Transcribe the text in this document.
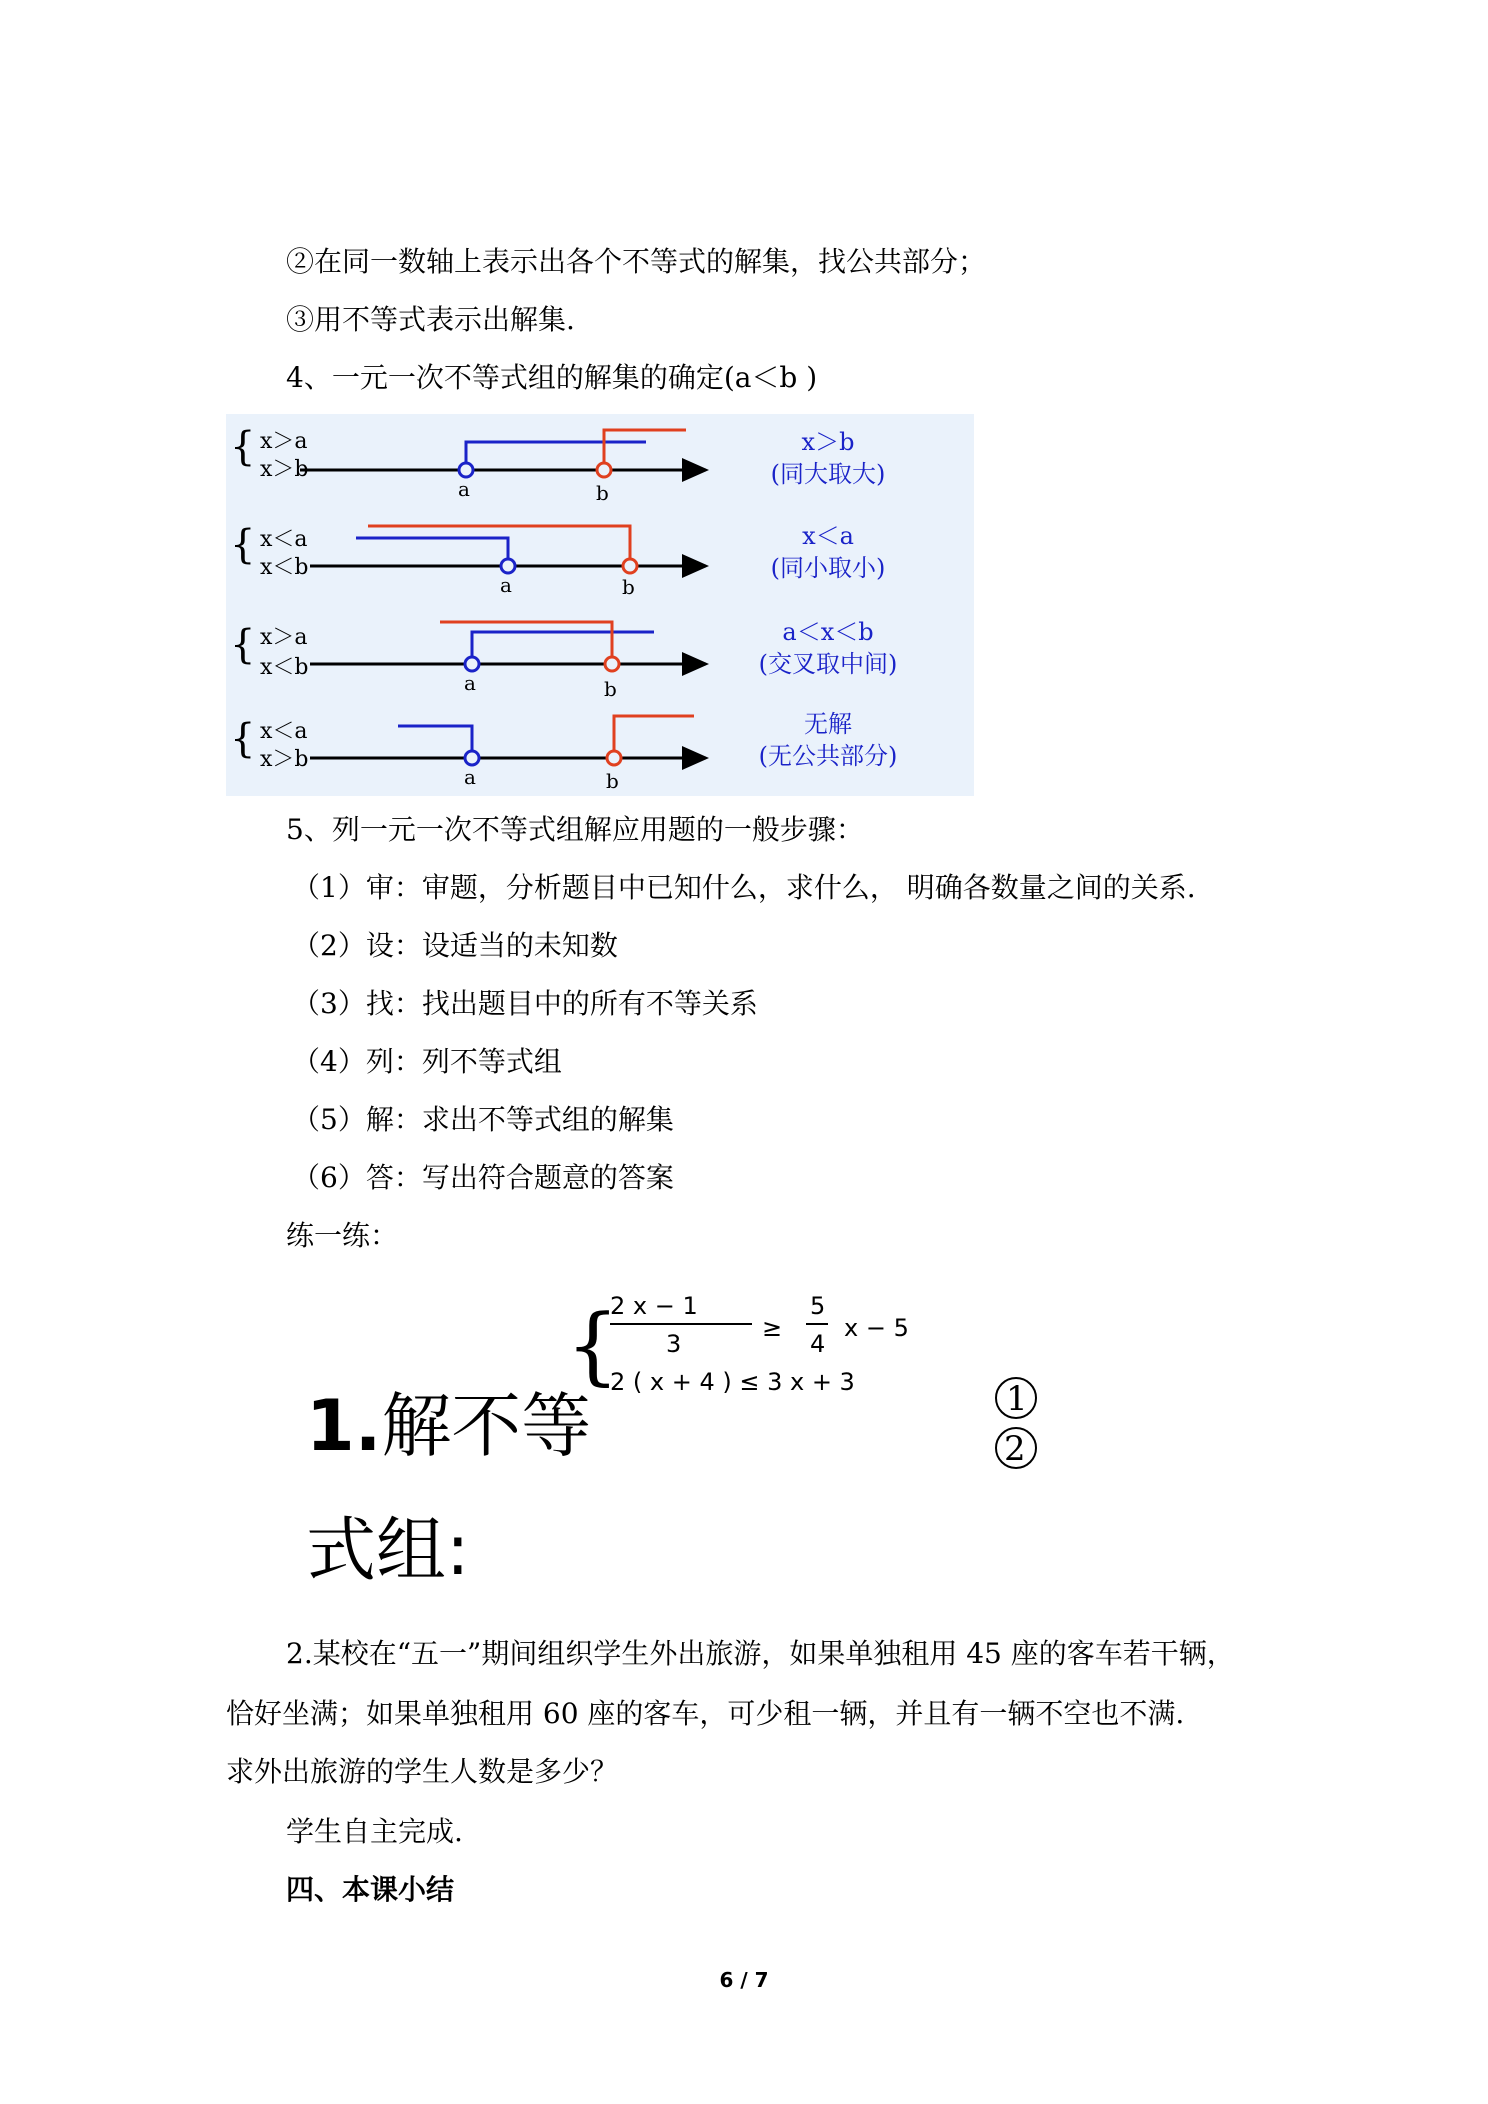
②在同一数轴上表示出各个不等式的解集，找公共部分；
③用不等式表示出解集.
4、一元一次不等式组的解集的确定(a＜b )
{ x＞a
x＞b
a	b
x＞b
(同大取大)
{ x＜a
x＜b
a	b
x＜a
(同小取小)
{ x＞a
x＜b
a	b
a＜x＜b
(交叉取中间)
{ x＜a
x＞b
a	b
无解
(无公共部分)
5、列一元一次不等式组解应用题的一般步骤：
（1）审：审题，分析题目中已知什么，求什么， 明确各数量之间的关系.
（2）设：设适当的未知数
（3）找：找出题目中的所有不等关系
（4）列：列不等式组
（5）解：求出不等式组的解集
（6）答：写出符合题意的答案
练一练：
{
2 x − 1
3
≥
5
4
x − 5
2 ( x + 4 ) ≤ 3 x + 3	1
2
1.解不等
式组:
2.某校在“五一”期间组织学生外出旅游，如果单独租用 45 座的客车若干辆，
恰好坐满；如果单独租用 60 座的客车，可少租一辆，并且有一辆不空也不满.
求外出旅游的学生人数是多少？
学生自主完成.
四、本课小结
6 / 7
